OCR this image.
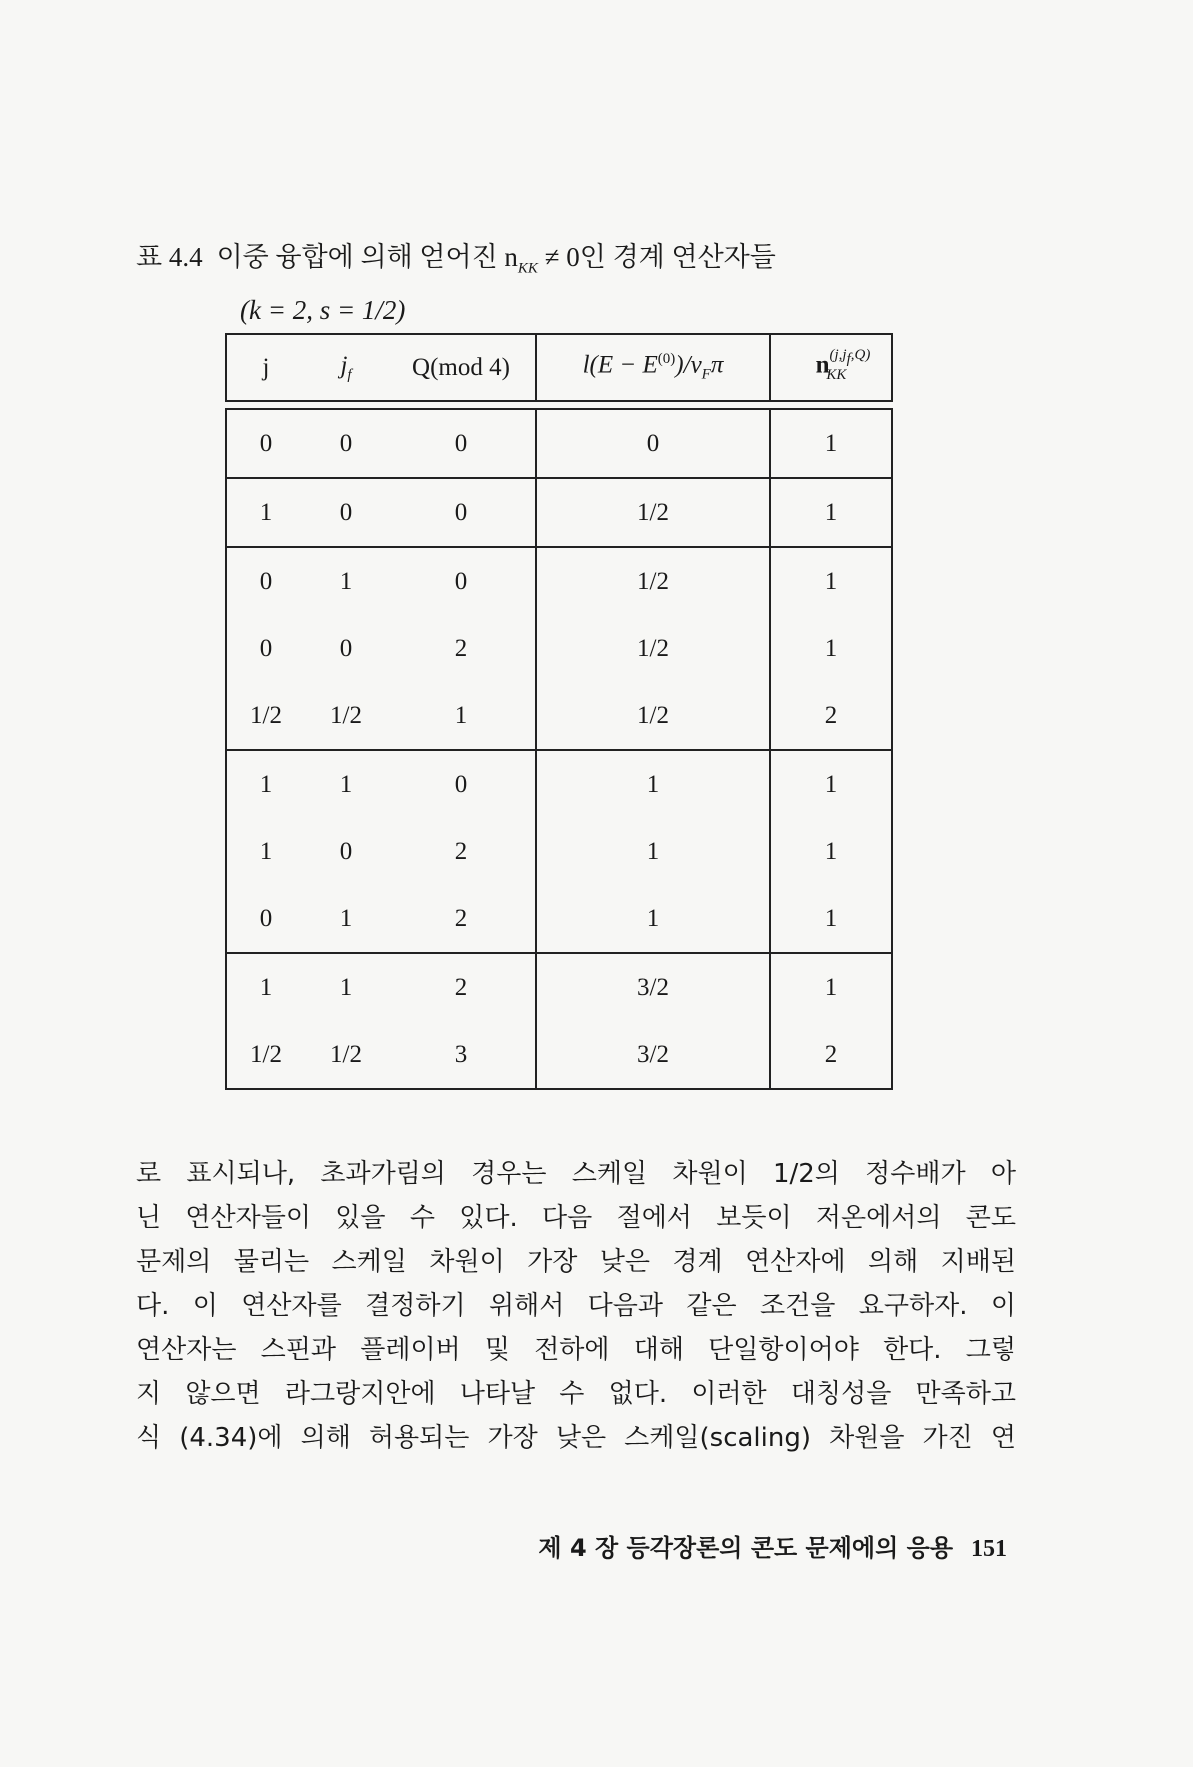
표 4.4 이중 융합에 의해 얻어진 $n_{KK} \ne 0$인 경계 연산자들
(k = 2, s = 1/2)
j	$j_f$	Q(mod 4)	$l(E - E^{(0)})/v_F\pi$	$n^{(j,j_f,Q)}_{KK}$

0	0	0	0	1
1	0	0	1/2	1
0	1	0	1/2	1
0	0	2	1/2	1
1/2	1/2	1	1/2	2
1	1	0	1	1
1	0	2	1	1
0	1	2	1	1
1	1	2	3/2	1
1/2	1/2	3	3/2	2

로 표시되나, 초과가림의 경우는 스케일 차원이 1/2의 정수배가 아
닌 연산자들이 있을 수 있다. 다음 절에서 보듯이 저온에서의 콘도
문제의 물리는 스케일 차원이 가장 낮은 경계 연산자에 의해 지배된
다. 이 연산자를 결정하기 위해서 다음과 같은 조건을 요구하자. 이
연산자는 스핀과 플레이버 및 전하에 대해 단일항이어야 한다. 그렇
지 않으면 라그랑지안에 나타날 수 없다. 이러한 대칭성을 만족하고
식 (4.34)에 의해 허용되는 가장 낮은 스케일(scaling) 차원을 가진 연

제 4 장 등각장론의 콘도 문제에의 응용 151
